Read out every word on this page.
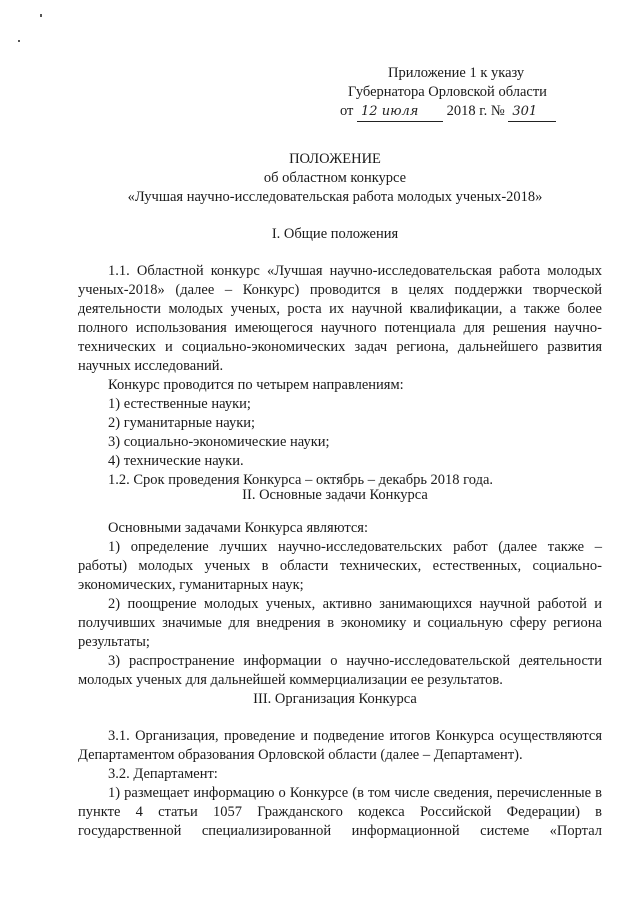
Приложение 1 к указу
Губернатора Орловской области
от
12 июля
	2018 г. №
301
ПОЛОЖЕНИЕ
об областном конкурсе
«Лучшая научно-исследовательская работа молодых ученых-2018»
I. Общие положения

1.1. Областной конкурс «Лучшая научно-исследовательская работа молодых ученых-2018» (далее – Конкурс) проводится в целях поддержки творческой деятельности молодых ученых, роста их научной квалификации, а также более полного использования имеющегося научного потенциала для решения научно-технических и социально-экономических задач региона, дальнейшего развития научных исследований.

Конкурс проводится по четырем направлениям:

1) естественные науки;

2) гуманитарные науки;

3) социально-экономические науки;

4) технические науки.

1.2. Срок проведения Конкурса – октябрь – декабрь 2018 года.

II. Основные задачи Конкурса

Основными задачами Конкурса являются:

1) определение лучших научно-исследовательских работ (далее также – работы) молодых ученых в области технических, естественных, социально-экономических, гуманитарных наук;

2) поощрение молодых ученых, активно занимающихся научной работой и получивших значимые для внедрения в экономику и социальную сферу региона результаты;

3) распространение информации о научно-исследовательской деятельности молодых ученых для дальнейшей коммерциализации ее результатов.

III. Организация Конкурса

3.1. Организация, проведение и подведение итогов Конкурса осуществляются Департаментом образования Орловской области (далее – Департамент).

3.2. Департамент:

1) размещает информацию о Конкурсе (в том числе сведения, перечисленные в пункте 4 статьи 1057 Гражданского кодекса Российской Федерации) в государственной специализированной информационной системе «Портал
